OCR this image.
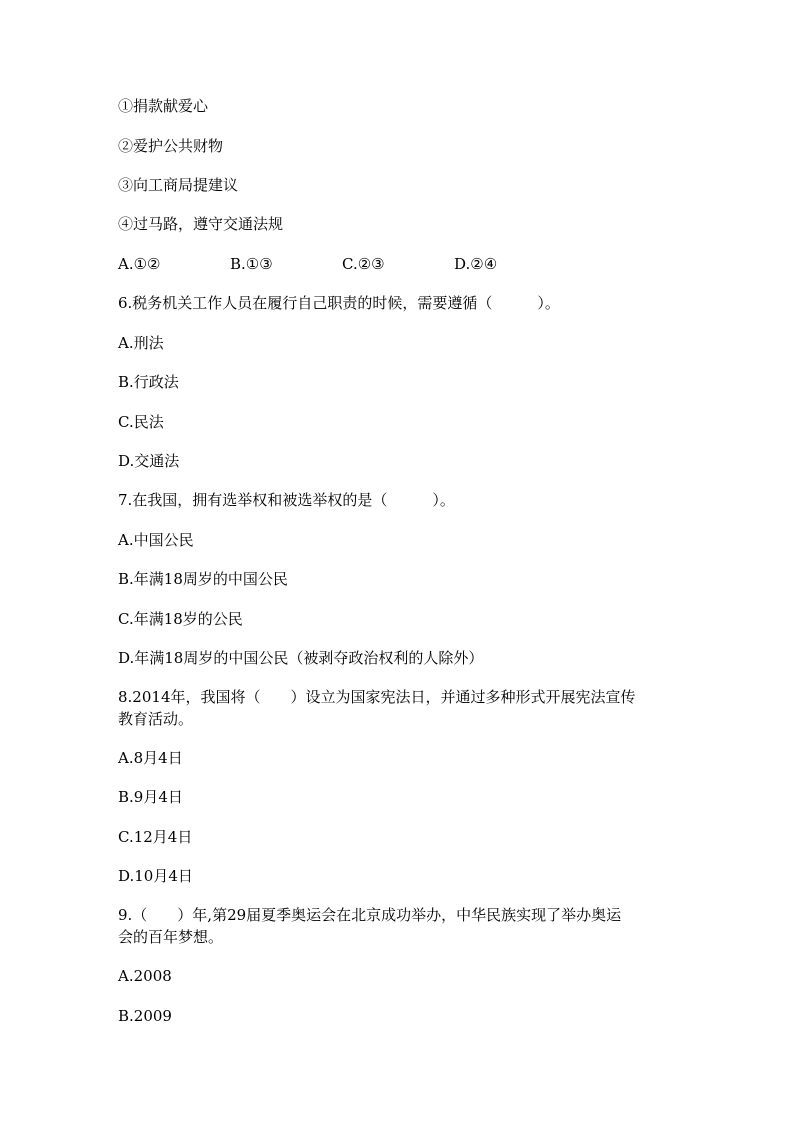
①捐款献爱心
②爱护公共财物
③向工商局提建议
④过马路，遵守交通法规
A.①②	B.①③	C.②③	D.②④
6.税务机关工作人员在履行自己职责的时候，需要遵循（　　　）。
A.刑法
B.行政法
C.民法
D.交通法
7.在我国，拥有选举权和被选举权的是（　　　）。
A.中国公民
B.年满18周岁的中国公民
C.年满18岁的公民
D.年满18周岁的中国公民（被剥夺政治权利的人除外）
8.2014年，我国将（　　）设立为国家宪法日，并通过多种形式开展宪法宣传
教育活动。
A.8月4日
B.9月4日
C.12月4日
D.10月4日
9.（　　）年,第29届夏季奥运会在北京成功举办，中华民族实现了举办奥运
会的百年梦想。
A.2008
B.2009
